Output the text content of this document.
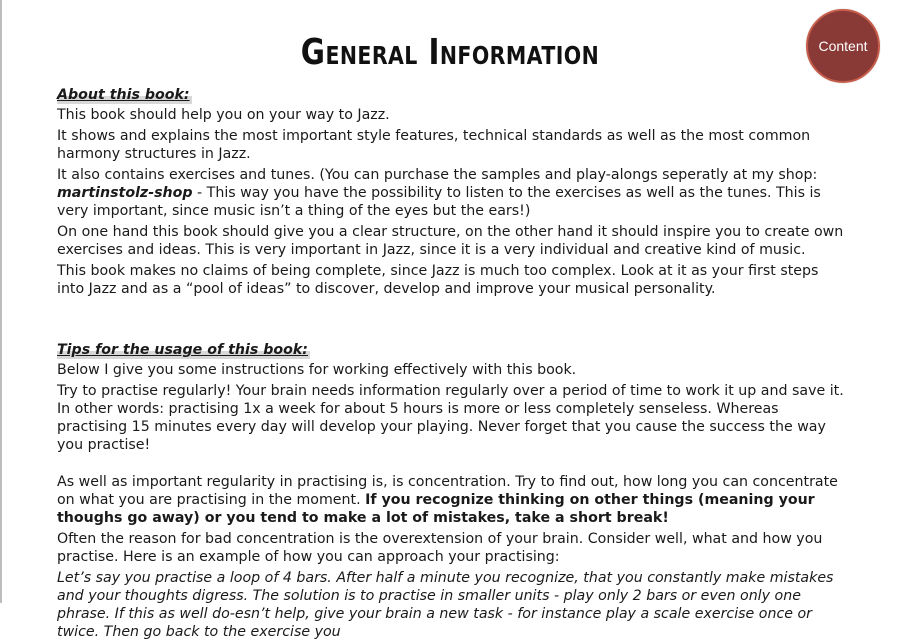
Content
General Information
About this book:

This book should help you on your way to Jazz.

It shows and explains the most important style features, technical standards as well as the most common harmony structures in Jazz.

It also contains exercises and tunes. (You can purchase the samples and play-alongs seperatly at my shop: martinstolz-shop - This way you have the possibility to listen to the exercises as well as the tunes. This is very important, since music isn’t a thing of the eyes but the ears!)

On one hand this book should give you a clear structure, on the other hand it should inspire you to create own exercises and ideas. This is very important in Jazz, since it is a very individual and creative kind of music.

This book makes no claims of being complete, since Jazz is much too complex. Look at it as your first steps into Jazz and as a “pool of ideas” to discover, develop and improve your musical personality.

Tips for the usage of this book:

Below I give you some instructions for working effectively with this book.

Try to practise regularly! Your brain needs information regularly over a period of time to work it up and save it. In other words: practising 1x a week for about 5 hours is more or less completely senseless. Whereas practising 15 minutes every day will develop your playing. Never forget that you cause the success the way you practise!

As well as important regularity in practising is, is concentration. Try to find out, how long you can concentrate on what you are practising in the moment. If you recognize thinking on other things (meaning your thoughs go away) or you tend to make a lot of mistakes, take a short break!

Often the reason for bad concentration is the overextension of your brain. Consider well, what and how you practise. Here is an example of how you can approach your practising:

Let’s say you practise a loop of 4 bars. After half a minute you recognize, that you constantly make mistakes and your thoughts digress. The solution is to practise in smaller units - play only 2 bars or even only one phrase. If this as well do-esn’t help, give your brain a new task - for instance play a scale exercise once or twice. Then go back to the exercise you
